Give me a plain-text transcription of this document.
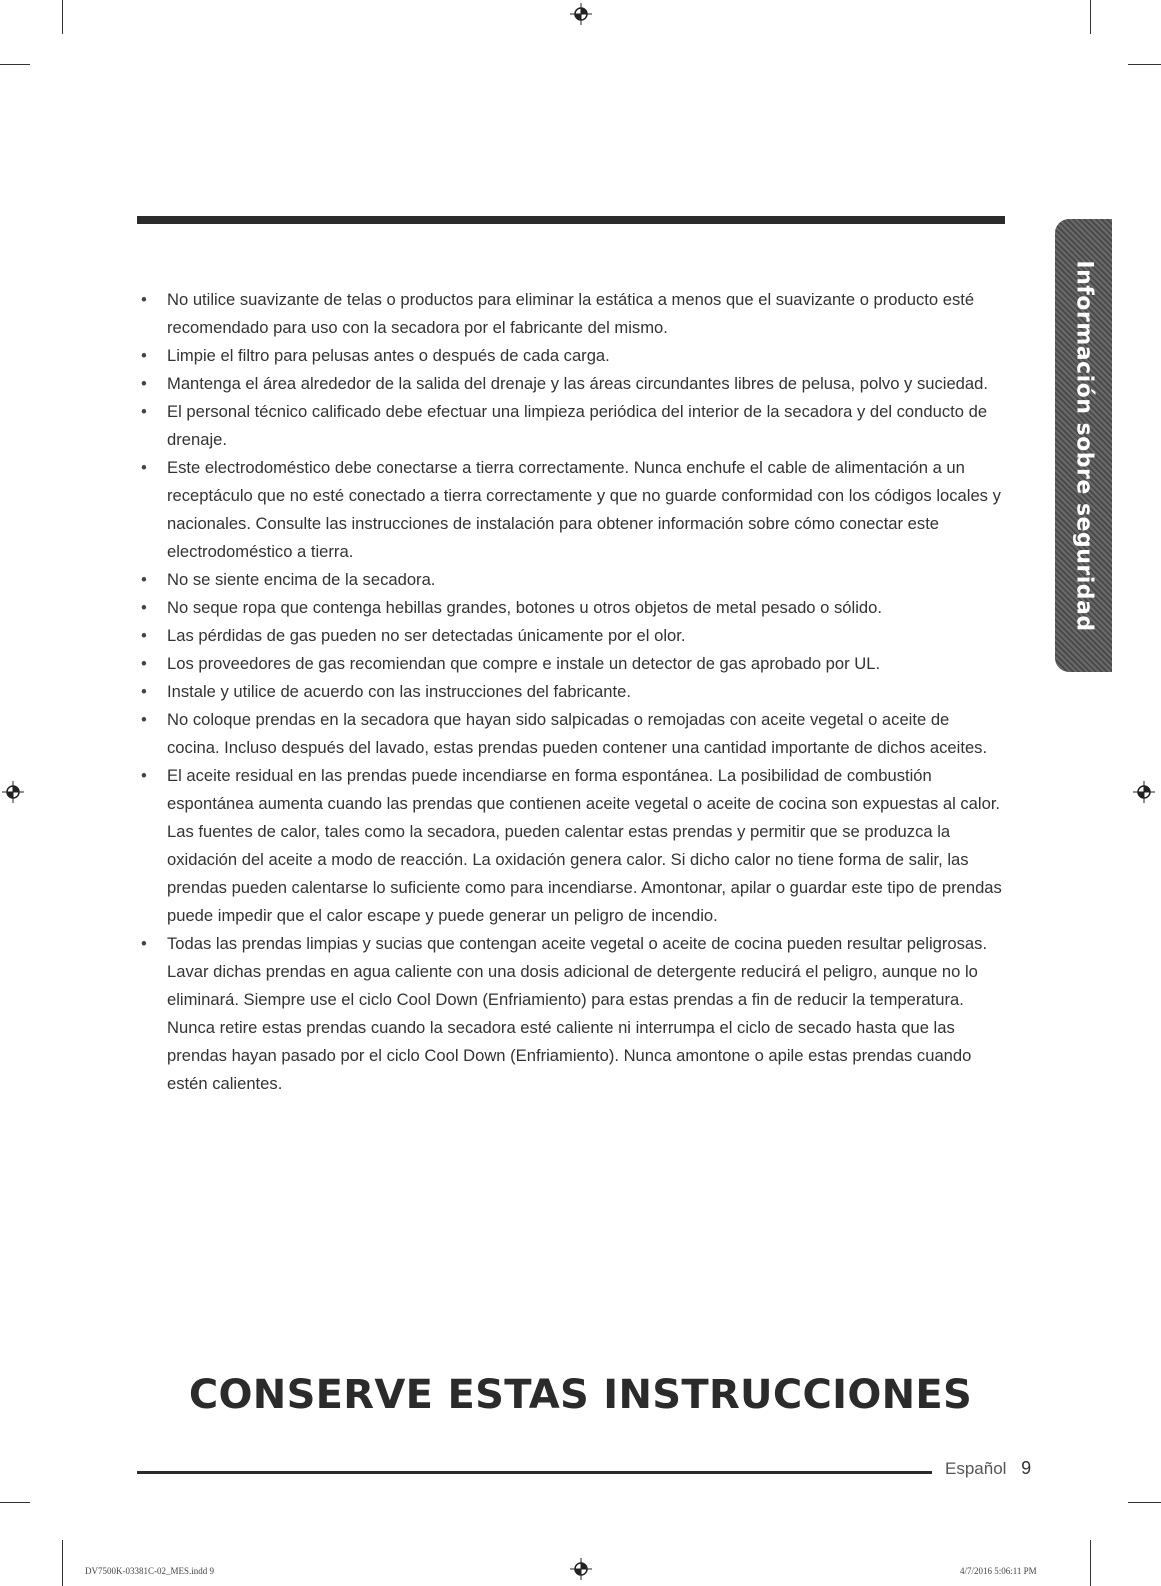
Información sobre seguridad
• No utilice suavizante de telas o productos para eliminar la estática a menos que el suavizante o producto esté recomendado para uso con la secadora por el fabricante del mismo.
• Limpie el filtro para pelusas antes o después de cada carga.
• Mantenga el área alrededor de la salida del drenaje y las áreas circundantes libres de pelusa, polvo y suciedad.
• El personal técnico calificado debe efectuar una limpieza periódica del interior de la secadora y del conducto de drenaje.
• Este electrodoméstico debe conectarse a tierra correctamente. Nunca enchufe el cable de alimentación a un receptáculo que no esté conectado a tierra correctamente y que no guarde conformidad con los códigos locales y nacionales. Consulte las instrucciones de instalación para obtener información sobre cómo conectar este electrodoméstico a tierra.
• No se siente encima de la secadora.
• No seque ropa que contenga hebillas grandes, botones u otros objetos de metal pesado o sólido.
• Las pérdidas de gas pueden no ser detectadas únicamente por el olor.
• Los proveedores de gas recomiendan que compre e instale un detector de gas aprobado por UL.
• Instale y utilice de acuerdo con las instrucciones del fabricante.
• No coloque prendas en la secadora que hayan sido salpicadas o remojadas con aceite vegetal o aceite de cocina. Incluso después del lavado, estas prendas pueden contener una cantidad importante de dichos aceites.
• El aceite residual en las prendas puede incendiarse en forma espontánea. La posibilidad de combustión espontánea aumenta cuando las prendas que contienen aceite vegetal o aceite de cocina son expuestas al calor. Las fuentes de calor, tales como la secadora, pueden calentar estas prendas y permitir que se produzca la oxidación del aceite a modo de reacción. La oxidación genera calor. Si dicho calor no tiene forma de salir, las prendas pueden calentarse lo suficiente como para incendiarse. Amontonar, apilar o guardar este tipo de prendas puede impedir que el calor escape y puede generar un peligro de incendio.
• Todas las prendas limpias y sucias que contengan aceite vegetal o aceite de cocina pueden resultar peligrosas.

Lavar dichas prendas en agua caliente con una dosis adicional de detergente reducirá el peligro, aunque no lo eliminará. Siempre use el ciclo Cool Down (Enfriamiento) para estas prendas a fin de reducir la temperatura. Nunca retire estas prendas cuando la secadora esté caliente ni interrumpa el ciclo de secado hasta que las prendas hayan pasado por el ciclo Cool Down (Enfriamiento). Nunca amontone o apile estas prendas cuando estén calientes.

CONSERVE ESTAS INSTRUCCIONES
Español 9
DV7500K-03381C-02_MES.indd 9	4/7/2016 5:06:11 PM
